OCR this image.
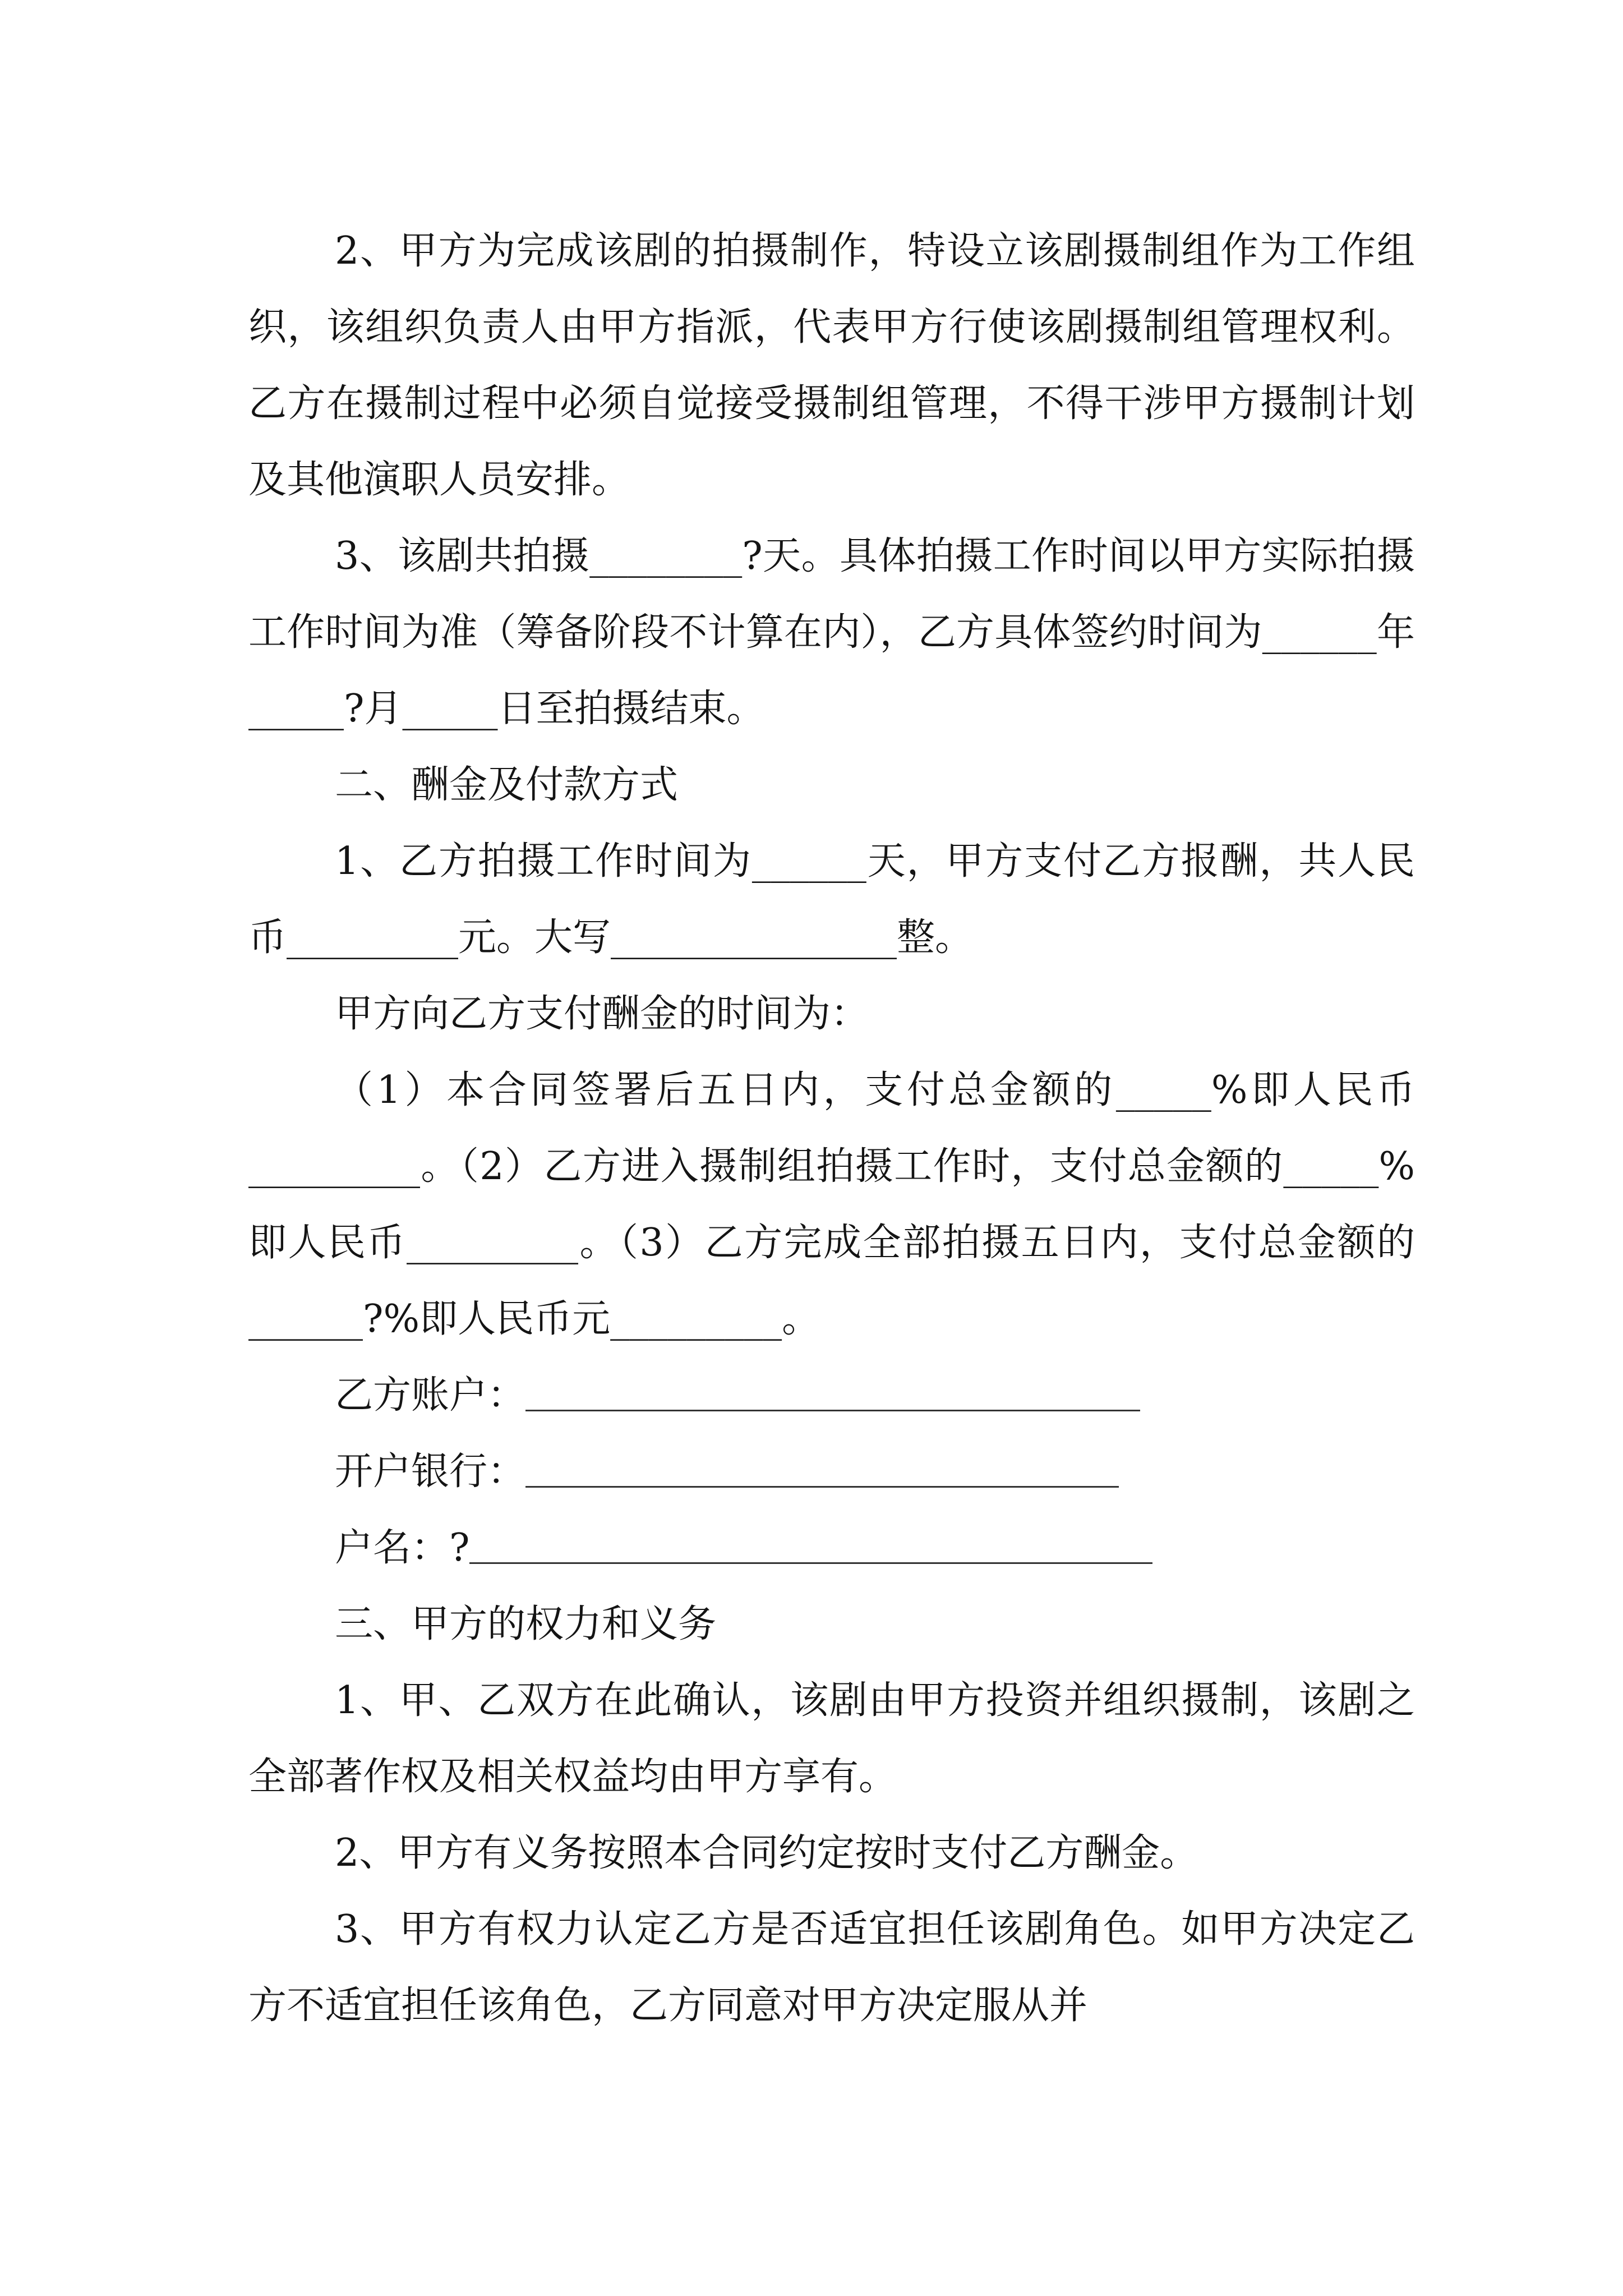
2、甲方为完成该剧的拍摄制作，特设立该剧摄制组作为工作组织，该组织负责人由甲方指派，代表甲方行使该剧摄制组管理权利。乙方在摄制过程中必须自觉接受摄制组管理，不得干涉甲方摄制计划及其他演职人员安排。

3、该剧共拍摄________?天。具体拍摄工作时间以甲方实际拍摄工作时间为准（筹备阶段不计算在内），乙方具体签约时间为______年_____?月_____日至拍摄结束。

二、酬金及付款方式

1、乙方拍摄工作时间为______天，甲方支付乙方报酬，共人民币_________元。大写_______________整。

甲方向乙方支付酬金的时间为：

（1）本合同签署后五日内，支付总金额的_____%即人民币_________。（2）乙方进入摄制组拍摄工作时，支付总金额的_____%即人民币_________。（3）乙方完成全部拍摄五日内，支付总金额的______?%即人民币元_________。

乙方账户：
开户银行：
户名：?

三、甲方的权力和义务

1、甲、乙双方在此确认，该剧由甲方投资并组织摄制，该剧之全部著作权及相关权益均由甲方享有。

2、甲方有义务按照本合同约定按时支付乙方酬金。

3、甲方有权力认定乙方是否适宜担任该剧角色。如甲方决定乙方不适宜担任该角色，乙方同意对甲方决定服从并
